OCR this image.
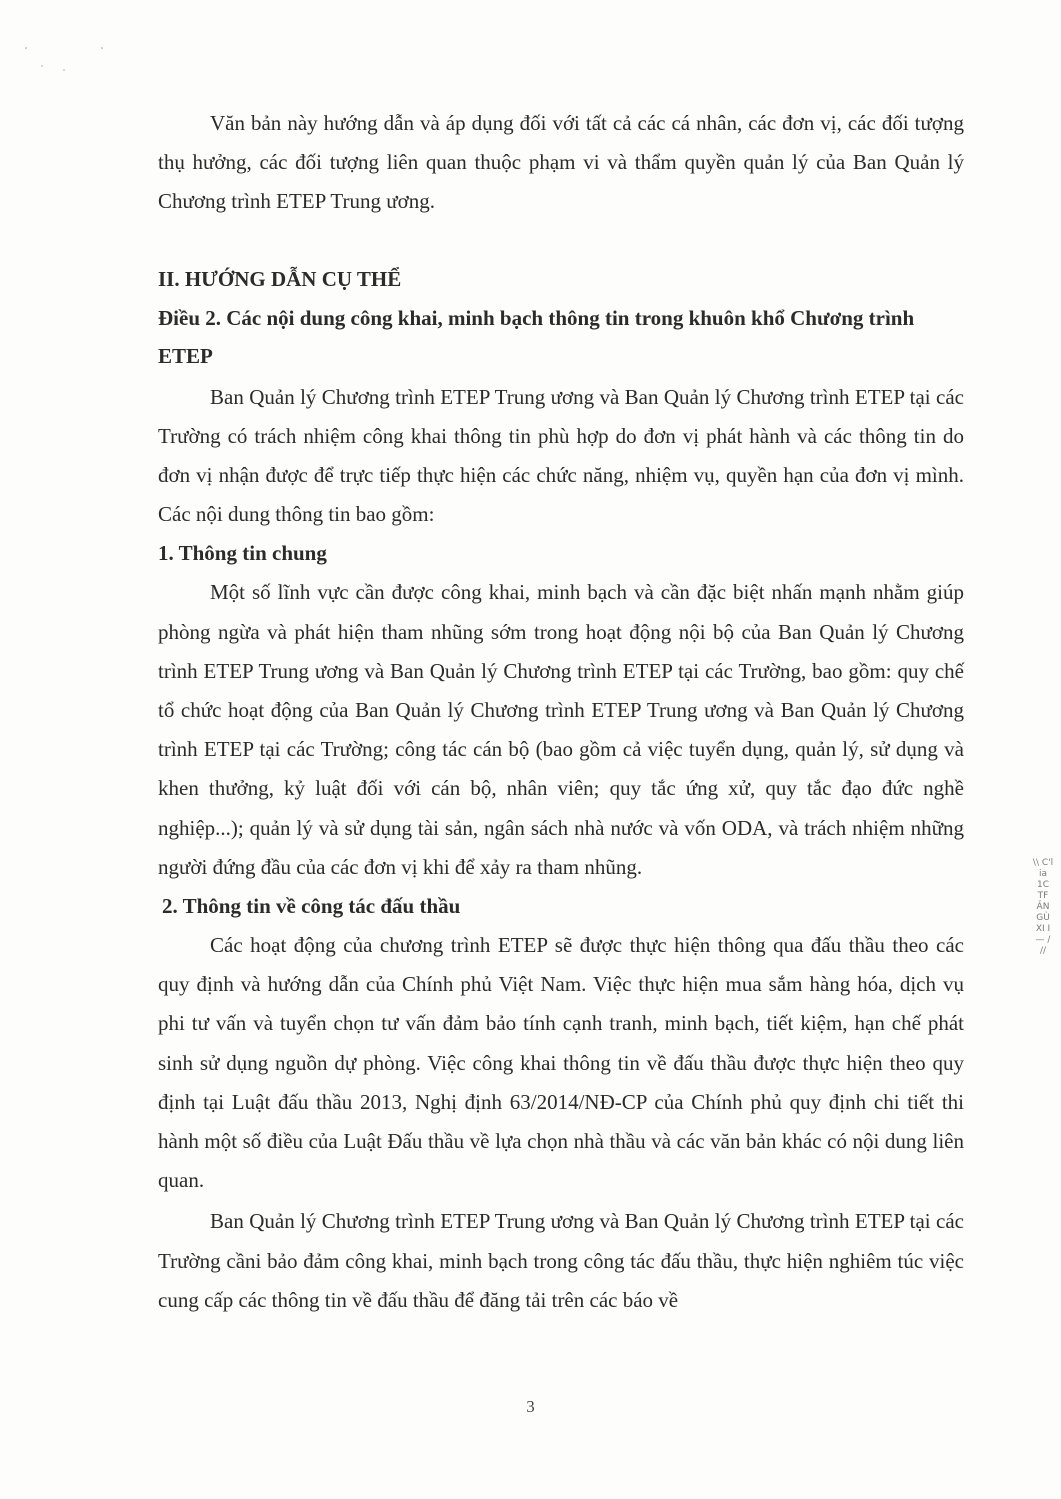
Văn bản này hướng dẫn và áp dụng đối với tất cả các cá nhân, các đơn vị, các đối tượng thụ hưởng, các đối tượng liên quan thuộc phạm vi và thẩm quyền quản lý của Ban Quản lý Chương trình ETEP Trung ương.

II. HƯỚNG DẪN CỤ THỂ
Điều 2. Các nội dung công khai, minh bạch thông tin trong khuôn khổ Chương trình ETEP

Ban Quản lý Chương trình ETEP Trung ương và Ban Quản lý Chương trình ETEP tại các Trường có trách nhiệm công khai thông tin phù hợp do đơn vị phát hành và các thông tin do đơn vị nhận được để trực tiếp thực hiện các chức năng, nhiệm vụ, quyền hạn của đơn vị mình. Các nội dung thông tin bao gồm:

1. Thông tin chung

Một số lĩnh vực cần được công khai, minh bạch và cần đặc biệt nhấn mạnh nhằm giúp phòng ngừa và phát hiện tham nhũng sớm trong hoạt động nội bộ của Ban Quản lý Chương trình ETEP Trung ương và Ban Quản lý Chương trình ETEP tại các Trường, bao gồm: quy chế tổ chức hoạt động của Ban Quản lý Chương trình ETEP Trung ương và Ban Quản lý Chương trình ETEP tại các Trường; công tác cán bộ (bao gồm cả việc tuyển dụng, quản lý, sử dụng và khen thưởng, kỷ luật đối với cán bộ, nhân viên; quy tắc ứng xử, quy tắc đạo đức nghề nghiệp...); quản lý và sử dụng tài sản, ngân sách nhà nước và vốn ODA, và trách nhiệm những người đứng đầu của các đơn vị khi để xảy ra tham nhũng.

2. Thông tin về công tác đấu thầu

Các hoạt động của chương trình ETEP sẽ được thực hiện thông qua đấu thầu theo các quy định và hướng dẫn của Chính phủ Việt Nam. Việc thực hiện mua sắm hàng hóa, dịch vụ phi tư vấn và tuyển chọn tư vấn đảm bảo tính cạnh tranh, minh bạch, tiết kiệm, hạn chế phát sinh sử dụng nguồn dự phòng. Việc công khai thông tin về đấu thầu được thực hiện theo quy định tại Luật đấu thầu 2013, Nghị định 63/2014/NĐ-CP của Chính phủ quy định chi tiết thi hành một số điều của Luật Đấu thầu về lựa chọn nhà thầu và các văn bản khác có nội dung liên quan.

Ban Quản lý Chương trình ETEP Trung ương và Ban Quản lý Chương trình ETEP tại các Trường cầni bảo đảm công khai, minh bạch trong công tác đấu thầu, thực hiện nghiêm túc việc cung cấp các thông tin về đấu thầu để đăng tải trên các báo về

3
\\ C'l ia 1C TF ẢN GÙ XI I — / //
